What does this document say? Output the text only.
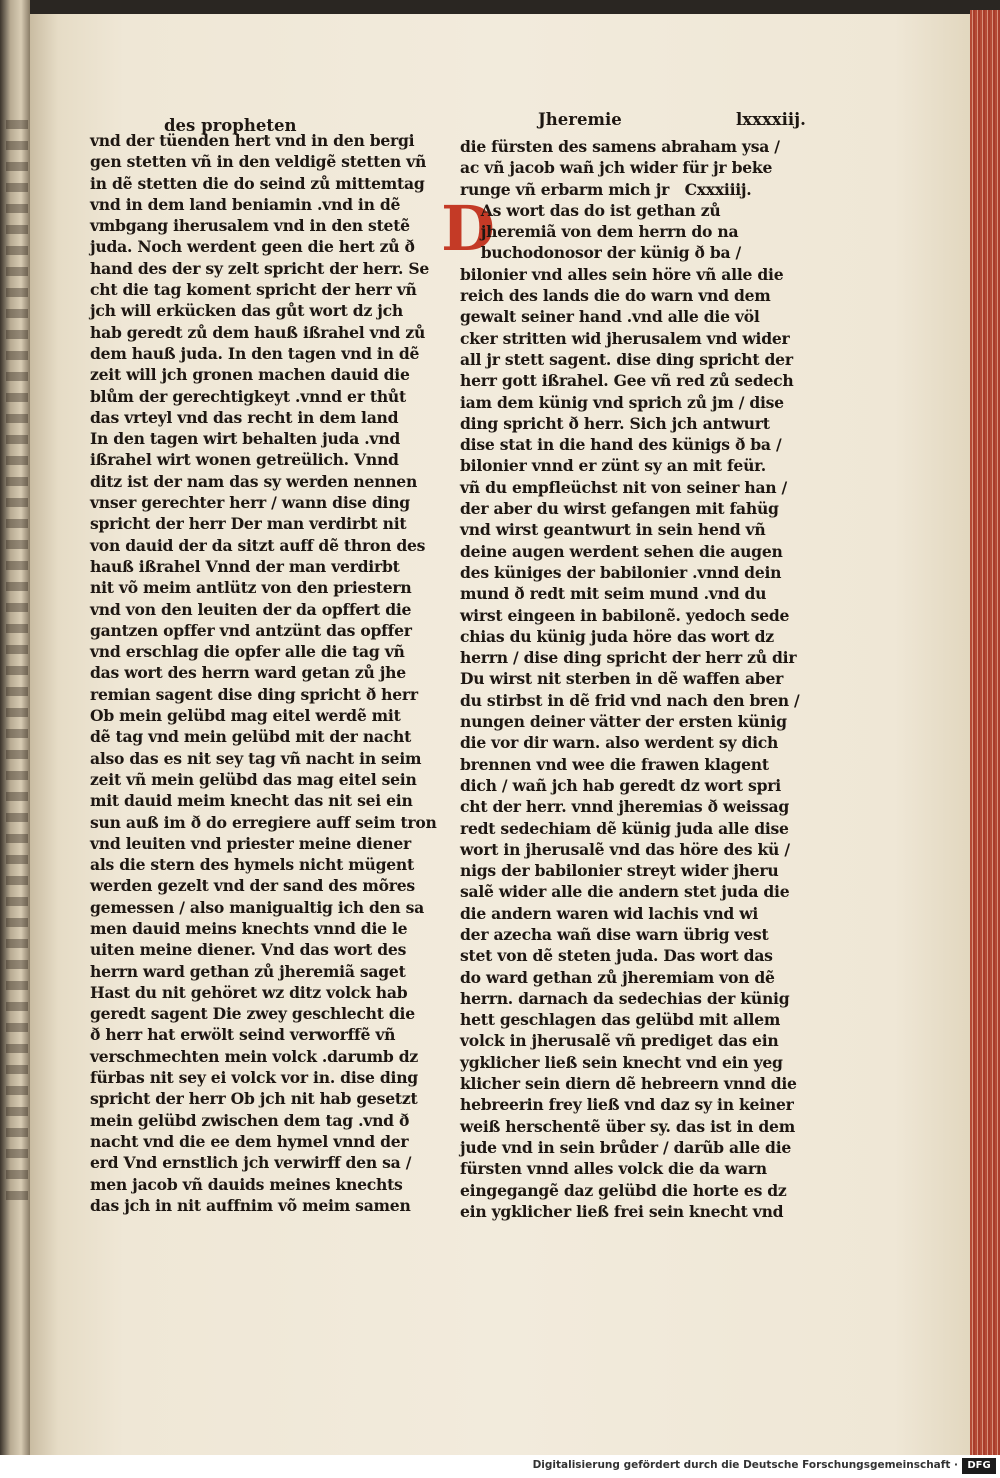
des propheten	Jheremie	lxxxxiij.
D
vnd der tüenden hert vnd in den bergi
gen stetten vñ in den veldigẽ stetten vñ
in dẽ stetten die do seind zů mittemtag
vnd in dem land beniamin .vnd in dẽ
vmbgang iherusalem vnd in den stetẽ
juda. Noch werdent geen die hert zů ð
hand des der sy zelt spricht der herr. Se
cht die tag koment spricht der herr vñ
jch will erkücken das gůt wort dz jch
hab geredt zů dem hauß ißrahel vnd zů
dem hauß juda. In den tagen vnd in dẽ
zeit will jch gronen machen dauid die
blům der gerechtigkeyt .vnnd er thůt
das vrteyl vnd das recht in dem land
In den tagen wirt behalten juda .vnd
ißrahel wirt wonen getreülich. Vnnd
ditz ist der nam das sy werden nennen
vnser gerechter herr / wann dise ding
spricht der herr Der man verdirbt nit
von dauid der da sitzt auff dẽ thron des
hauß ißrahel Vnnd der man verdirbt
nit võ meim antlütz von den priestern
vnd von den leuiten der da opffert die
gantzen opffer vnd antzünt das opffer
vnd erschlag die opfer alle die tag vñ
das wort des herrn ward getan zů jhe
remian sagent dise ding spricht ð herr
Ob mein gelübd mag eitel werdẽ mit
dẽ tag vnd mein gelübd mit der nacht
also das es nit sey tag vñ nacht in seim
zeit vñ mein gelübd das mag eitel sein
mit dauid meim knecht das nit sei ein
sun auß im ð do erregiere auff seim tron
vnd leuiten vnd priester meine diener
als die stern des hymels nicht mügent
werden gezelt vnd der sand des mõres
gemessen / also manigualtig ich den sa
men dauid meins knechts vnnd die le
uiten meine diener. Vnd das wort des
herrn ward gethan zů jheremiã saget
Hast du nit gehöret wz ditz volck hab
geredt sagent Die zwey geschlecht die
ð herr hat erwölt seind verworffẽ vñ
verschmechten mein volck .darumb dz
fürbas nit sey ei volck vor in. dise ding
spricht der herr Ob jch nit hab gesetzt
mein gelübd zwischen dem tag .vnd ð
nacht vnd die ee dem hymel vnnd der
erd Vnd ernstlich jch verwirff den sa /
men jacob vñ dauids meines knechts
das jch in nit auffnim võ meim samen
die fürsten des samens abraham ysa /
ac vñ jacob wañ jch wider für jr beke
runge vñ erbarm mich jr   Cxxxiiij.
As wort das do ist gethan zů
jheremiã von dem herrn do na
buchodonosor der künig ð ba /
bilonier vnd alles sein höre vñ alle die
reich des lands die do warn vnd dem
gewalt seiner hand .vnd alle die völ
cker stritten wid jherusalem vnd wider
all jr stett sagent. dise ding spricht der
herr gott ißrahel. Gee vñ red zů sedech
iam dem künig vnd sprich zů jm / dise
ding spricht ð herr. Sich jch antwurt
dise stat in die hand des künigs ð ba /
bilonier vnnd er zünt sy an mit feür.
vñ du empfleüchst nit von seiner han /
der aber du wirst gefangen mit fahüg
vnd wirst geantwurt in sein hend vñ
deine augen werdent sehen die augen
des küniges der babilonier .vnnd dein
mund ð redt mit seim mund .vnd du
wirst eingeen in babilonẽ. yedoch sede
chias du künig juda höre das wort dz
herrn / dise ding spricht der herr zů dir
Du wirst nit sterben in dẽ waffen aber
du stirbst in dẽ frid vnd nach den bren /
nungen deiner vätter der ersten künig
die vor dir warn. also werdent sy dich
brennen vnd wee die frawen klagent
dich / wañ jch hab geredt dz wort spri
cht der herr. vnnd jheremias ð weissag
redt sedechiam dẽ künig juda alle dise
wort in jherusalẽ vnd das höre des kü /
nigs der babilonier streyt wider jheru
salẽ wider alle die andern stet juda die
die andern waren wid lachis vnd wi
der azecha wañ dise warn übrig vest
stet von dẽ steten juda. Das wort das
do ward gethan zů jheremiam von dẽ
herrn. darnach da sedechias der künig
hett geschlagen das gelübd mit allem
volck in jherusalẽ vñ prediget das ein
ygklicher ließ sein knecht vnd ein yeg
klicher sein diern dẽ hebreern vnnd die
hebreerin frey ließ vnd daz sy in keiner
weiß herschentẽ über sy. das ist in dem
jude vnd in sein brůder / darũb alle die
fürsten vnnd alles volck die da warn
eingegangẽ daz gelübd die horte es dz
ein ygklicher ließ frei sein knecht vnd
Digitalisierung gefördert durch die Deutsche Forschungsgemeinschaft · DFG
